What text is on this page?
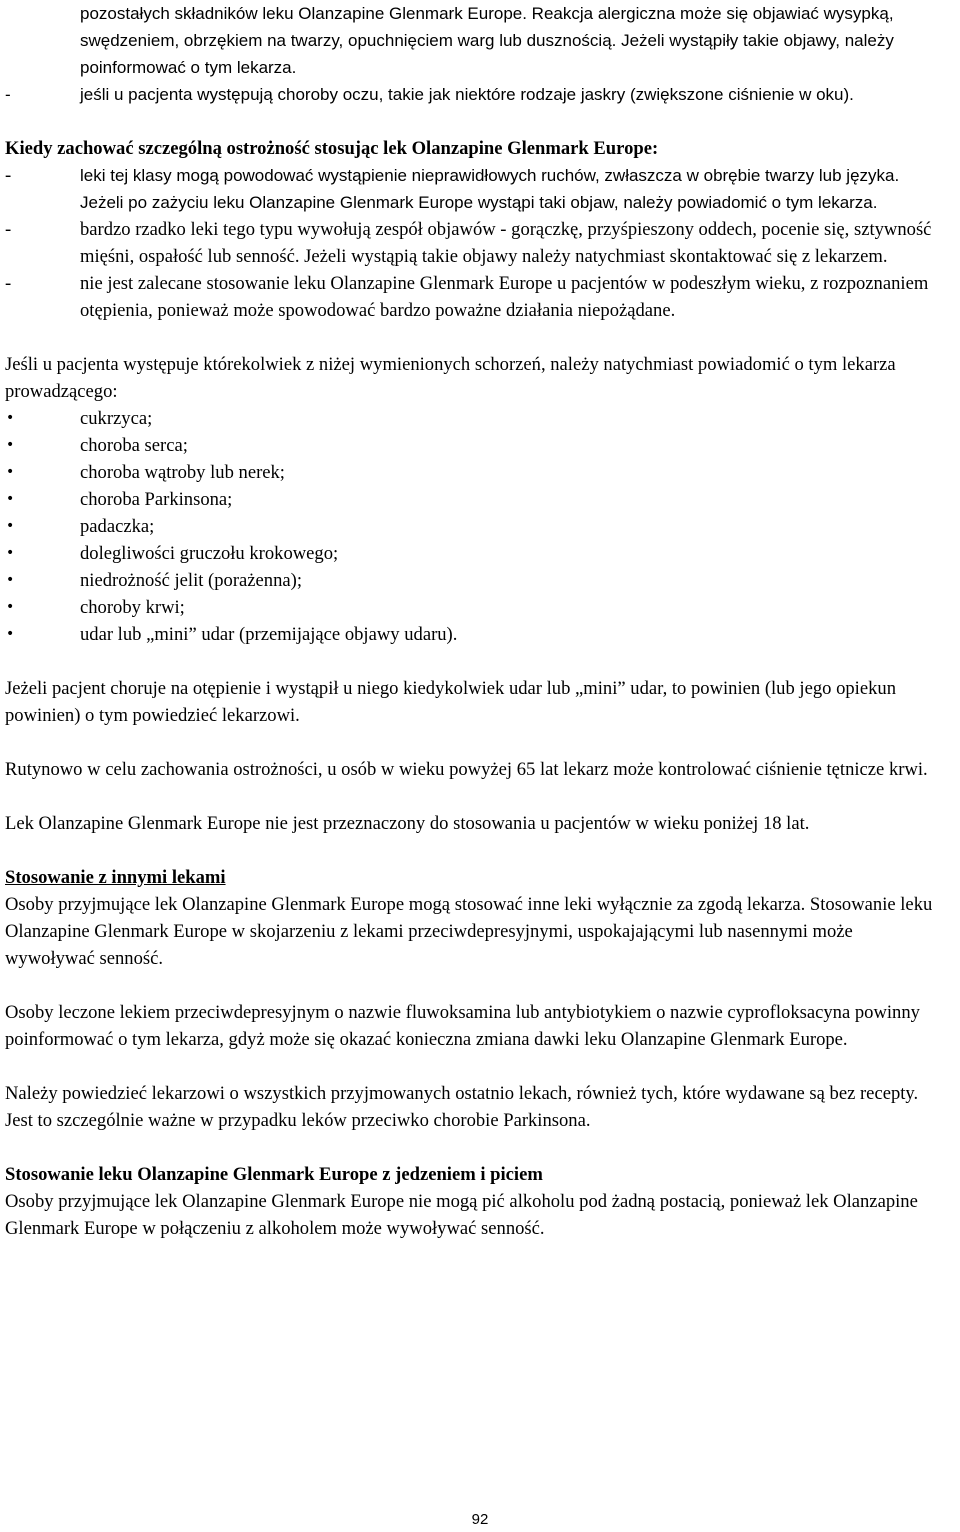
pozostałych składników leku Olanzapine Glenmark Europe. Reakcja alergiczna może się objawiać wysypką, swędzeniem, obrzękiem na twarzy, opuchnięciem warg lub dusznością. Jeżeli wystąpiły takie objawy, należy poinformować o tym lekarza.

-	jeśli u pacjenta występują choroby oczu, takie jak niektóre rodzaje jaskry (zwiększone ciśnienie w oku).

Kiedy zachować szczególną ostrożność stosując lek Olanzapine Glenmark Europe:

-	leki tej klasy mogą powodować wystąpienie nieprawidłowych ruchów, zwłaszcza w obrębie twarzy lub języka. Jeżeli po zażyciu leku Olanzapine Glenmark Europe wystąpi taki objaw, należy powiadomić o tym lekarza.
-	bardzo rzadko leki tego typu wywołują zespół objawów - gorączkę, przyśpieszony oddech, pocenie się, sztywność mięśni, ospałość lub senność. Jeżeli wystąpią takie objawy należy natychmiast skontaktować się z lekarzem.
-	nie jest zalecane stosowanie leku Olanzapine Glenmark Europe u pacjentów w podeszłym wieku, z rozpoznaniem otępienia, ponieważ może spowodować bardzo poważne działania niepożądane.

Jeśli u pacjenta występuje którekolwiek z niżej wymienionych schorzeń, należy natychmiast powiadomić o tym lekarza prowadzącego:

•	cukrzyca;
•	choroba serca;
•	choroba wątroby lub nerek;
•	choroba Parkinsona;
•	padaczka;
•	dolegliwości gruczołu krokowego;
•	niedrożność jelit (porażenna);
•	choroby krwi;
•	udar lub „mini” udar (przemijające objawy udaru).

Jeżeli pacjent choruje na otępienie i wystąpił u niego kiedykolwiek udar lub „mini” udar, to powinien (lub jego opiekun powinien) o tym powiedzieć lekarzowi.

Rutynowo w celu zachowania ostrożności, u osób w wieku powyżej 65 lat lekarz może kontrolować ciśnienie tętnicze krwi.

Lek Olanzapine Glenmark Europe nie jest przeznaczony do stosowania u pacjentów w wieku poniżej 18 lat.

Stosowanie z innymi lekami

Osoby przyjmujące lek Olanzapine Glenmark Europe mogą stosować inne leki wyłącznie za zgodą lekarza. Stosowanie leku Olanzapine Glenmark Europe w skojarzeniu z lekami przeciwdepresyjnymi, uspokajającymi lub nasennymi może wywoływać senność.

Osoby leczone lekiem przeciwdepresyjnym o nazwie fluwoksamina lub antybiotykiem o nazwie cyprofloksacyna powinny poinformować o tym lekarza, gdyż może się okazać konieczna zmiana dawki leku Olanzapine Glenmark Europe.

Należy powiedzieć lekarzowi o wszystkich przyjmowanych ostatnio lekach, również tych, które wydawane są bez recepty. Jest to szczególnie ważne w przypadku leków przeciwko chorobie Parkinsona.

Stosowanie leku Olanzapine Glenmark Europe z jedzeniem i piciem

Osoby przyjmujące lek Olanzapine Glenmark Europe nie mogą pić alkoholu pod żadną postacią, ponieważ lek Olanzapine Glenmark Europe w połączeniu z alkoholem może wywoływać senność.

92
